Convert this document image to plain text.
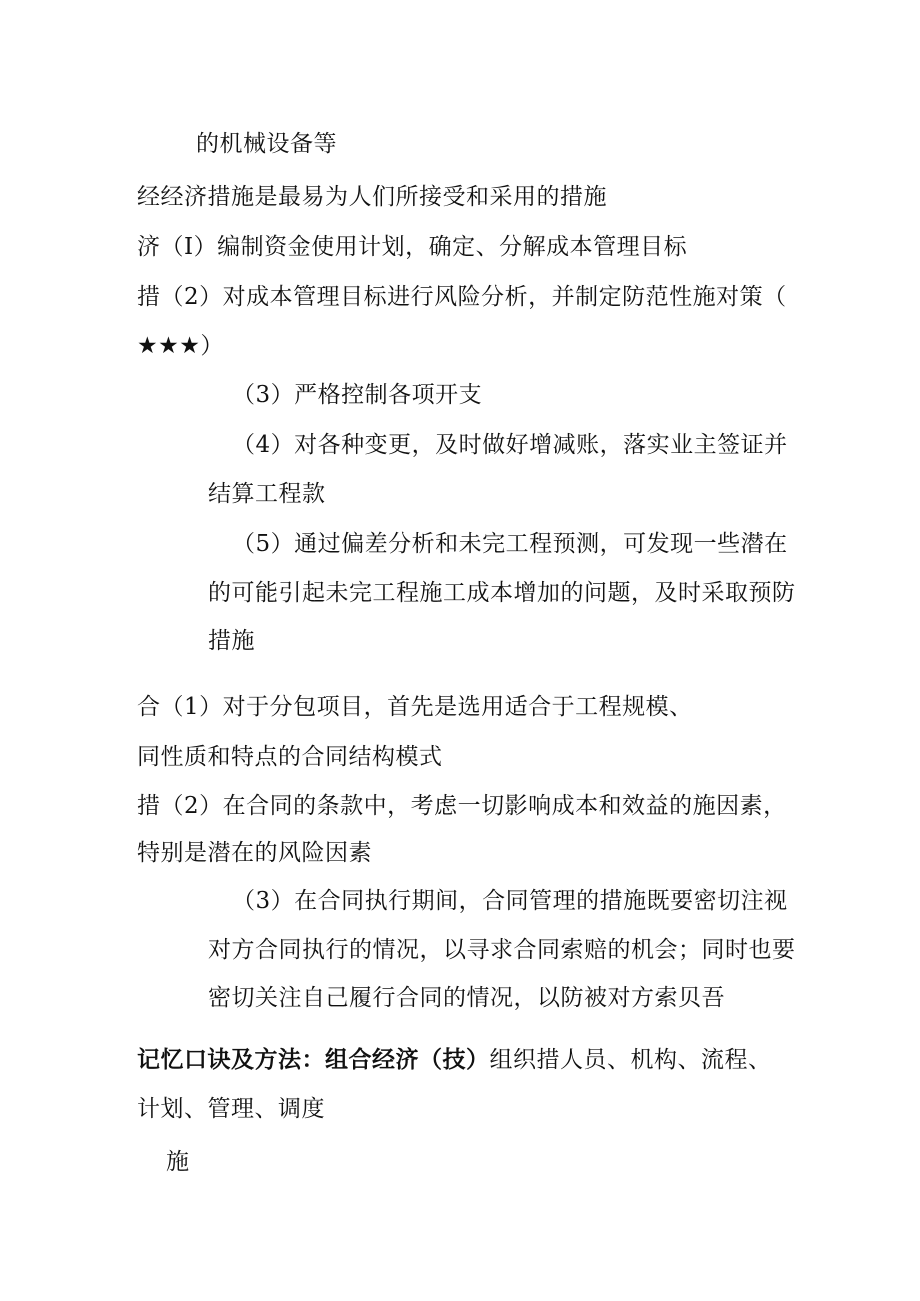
的机械设备等
经经济措施是最易为人们所接受和采用的措施
济（I）编制资金使用计划，确定、分解成本管理目标
措（2）对成本管理目标进行风险分析，并制定防范性施对策（
★★★）
（3）严格控制各项开支
（4）对各种变更，及时做好增减账，落实业主签证并
结算工程款
（5）通过偏差分析和未完工程预测，可发现一些潜在
的可能引起未完工程施工成本增加的问题，及时采取预防
措施
合（1）对于分包项目，首先是选用适合于工程规模、
同性质和特点的合同结构模式
措（2）在合同的条款中，考虑一切影响成本和效益的施因素，
特别是潜在的风险因素
（3）在合同执行期间，合同管理的措施既要密切注视
对方合同执行的情况，以寻求合同索赔的机会；同时也要
密切关注自己履行合同的情况，以防被对方索贝吾
记忆口诀及方法：组合经济（技）组织措人员、机构、流程、
计划、管理、调度
施
